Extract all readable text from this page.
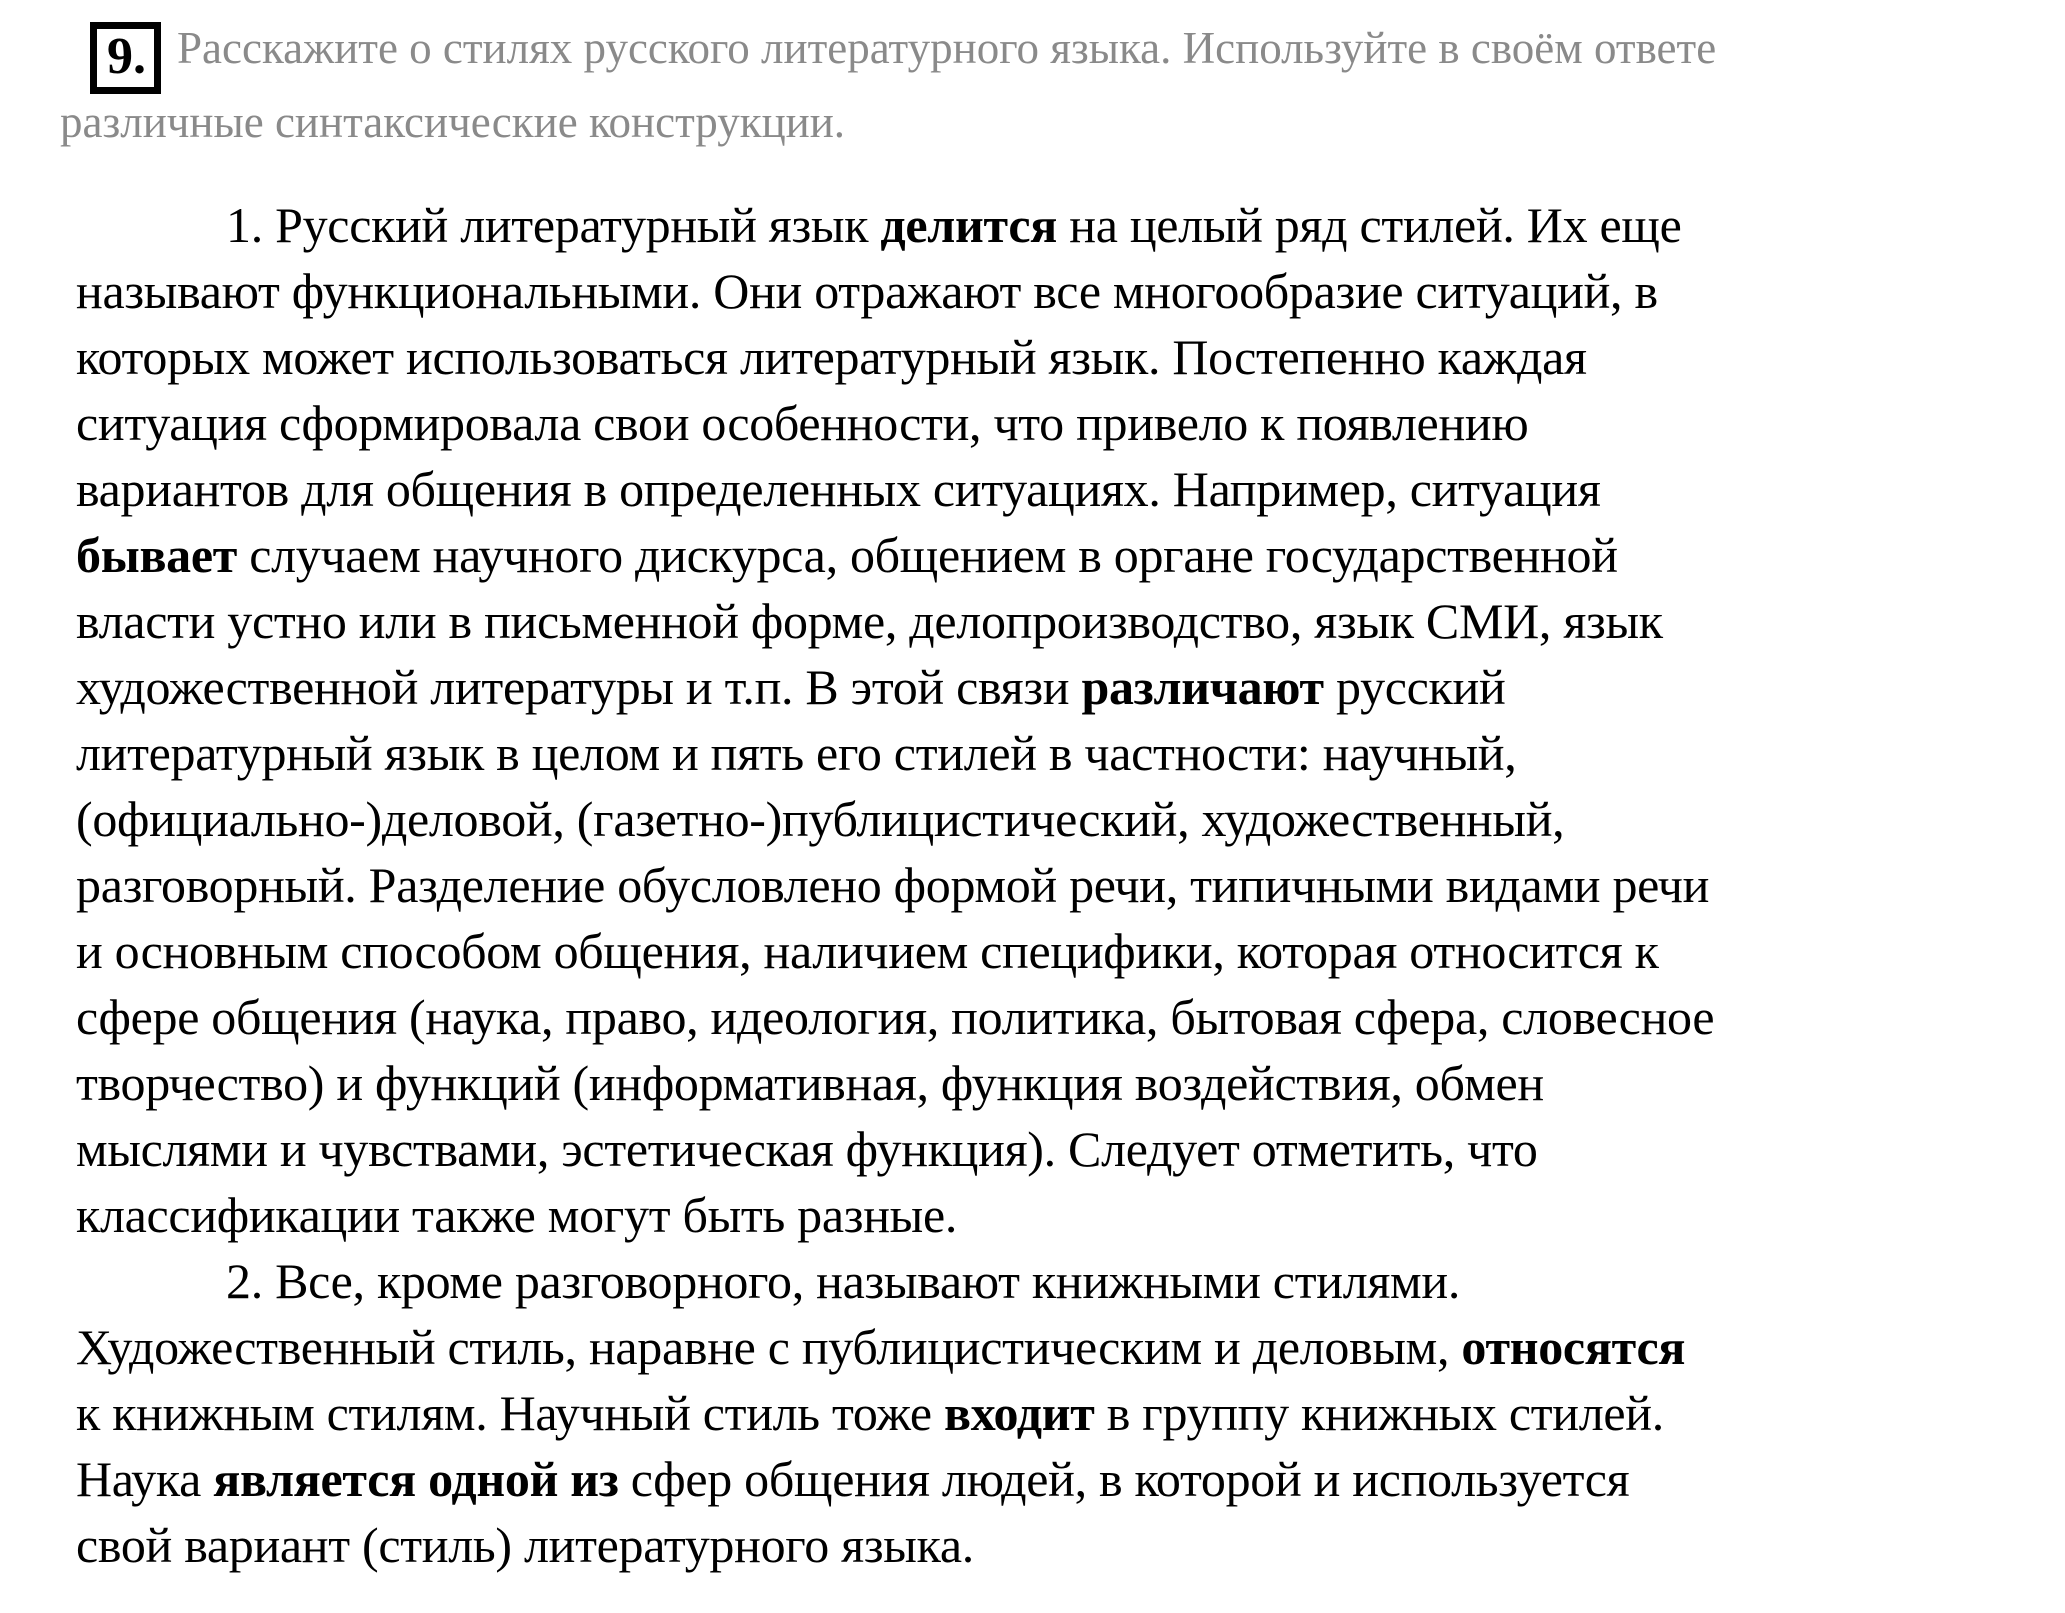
9. Расскажите о стилях русского литературного языка. Используйте в своём ответе
различные синтаксические конструкции.
1. Русский литературный язык делится на целый ряд стилей. Их еще
называют функциональными. Они отражают все многообразие ситуаций, в
которых может использоваться литературный язык. Постепенно каждая
ситуация сформировала свои особенности, что привело к появлению
вариантов для общения в определенных ситуациях. Например, ситуация
бывает случаем научного дискурса, общением в органе государственной
власти устно или в письменной форме, делопроизводство, язык СМИ, язык
художественной литературы и т.п. В этой связи различают русский
литературный язык в целом и пять его стилей в частности: научный,
(официально-)деловой, (газетно-)публицистический, художественный,
разговорный. Разделение обусловлено формой речи, типичными видами речи
и основным способом общения, наличием специфики, которая относится к
сфере общения (наука, право, идеология, политика, бытовая сфера, словесное
творчество) и функций (информативная, функция воздействия, обмен
мыслями и чувствами, эстетическая функция). Следует отметить, что
классификации также могут быть разные.
2. Все, кроме разговорного, называют книжными стилями.
Художественный стиль, наравне с публицистическим и деловым, относятся
к книжным стилям. Научный стиль тоже входит в группу книжных стилей.
Наука является одной из сфер общения людей, в которой и используется
свой вариант (стиль) литературного языка.
